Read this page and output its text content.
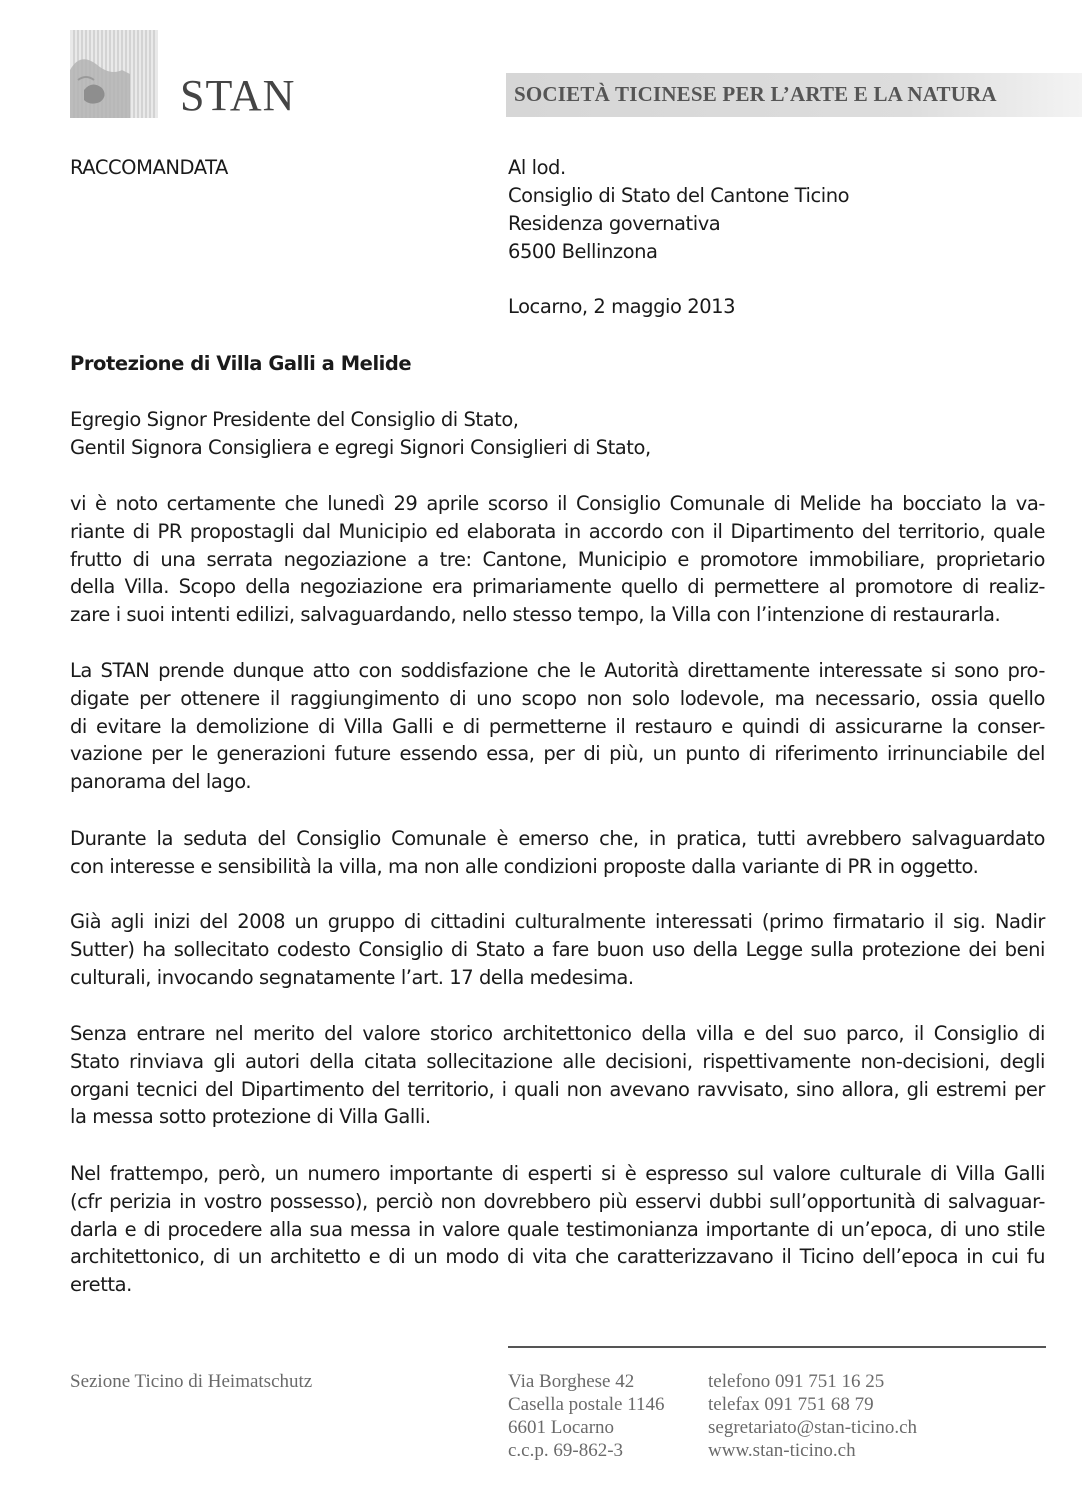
STAN	SOCIETÀ TICINESE PER L’ARTE E LA NATURA
RACCOMANDATA	Al lod.
Consiglio di Stato del Cantone Ticino
Residenza governativa
6500 Bellinzona
Locarno, 2 maggio 2013
Protezione di Villa Galli a Melide
Egregio Signor Presidente del Consiglio di Stato,
Gentil Signora Consigliera e egregi Signori Consiglieri di Stato,
vi è noto certamente che lunedì 29 aprile scorso il Consiglio Comunale di Melide ha bocciato la va-
riante di PR propostagli dal Municipio ed elaborata in accordo con il Dipartimento del territorio, quale
frutto di una serrata negoziazione a tre: Cantone, Municipio e promotore immobiliare, proprietario
della Villa. Scopo della negoziazione era primariamente quello di permettere al promotore di realiz-
zare i suoi intenti edilizi, salvaguardando, nello stesso tempo, la Villa con l’intenzione di restaurarla.
La STAN prende dunque atto con soddisfazione che le Autorità direttamente interessate si sono pro-
digate per ottenere il raggiungimento di uno scopo non solo lodevole, ma necessario, ossia quello
di evitare la demolizione di Villa Galli e di permetterne il restauro e quindi di assicurarne la conser-
vazione per le generazioni future essendo essa, per di più, un punto di riferimento irrinunciabile del
panorama del lago.
Durante la seduta del Consiglio Comunale è emerso che, in pratica, tutti avrebbero salvaguardato
con interesse e sensibilità la villa, ma non alle condizioni proposte dalla variante di PR in oggetto.
Già agli inizi del 2008 un gruppo di cittadini culturalmente interessati (primo firmatario il sig. Nadir
Sutter) ha sollecitato codesto Consiglio di Stato a fare buon uso della Legge sulla protezione dei beni
culturali, invocando segnatamente l’art. 17 della medesima.
Senza entrare nel merito del valore storico architettonico della villa e del suo parco, il Consiglio di
Stato rinviava gli autori della citata sollecitazione alle decisioni, rispettivamente non-decisioni, degli
organi tecnici del Dipartimento del territorio, i quali non avevano ravvisato, sino allora, gli estremi per
la messa sotto protezione di Villa Galli.
Nel frattempo, però, un numero importante di esperti si è espresso sul valore culturale di Villa Galli
(cfr perizia in vostro possesso), perciò non dovrebbero più esservi dubbi sull’opportunità di salvaguar-
darla e di procedere alla sua messa in valore quale testimonianza importante di un’epoca, di uno stile
architettonico, di un architetto e di un modo di vita che caratterizzavano il Ticino dell’epoca in cui fu
eretta.
Sezione Ticino di Heimatschutz	Via Borghese 42
Casella postale 1146
6601 Locarno
c.c.p. 69-862-3
telefono 091 751 16 25
telefax 091 751 68 79
segretariato@stan-ticino.ch
www.stan-ticino.ch
